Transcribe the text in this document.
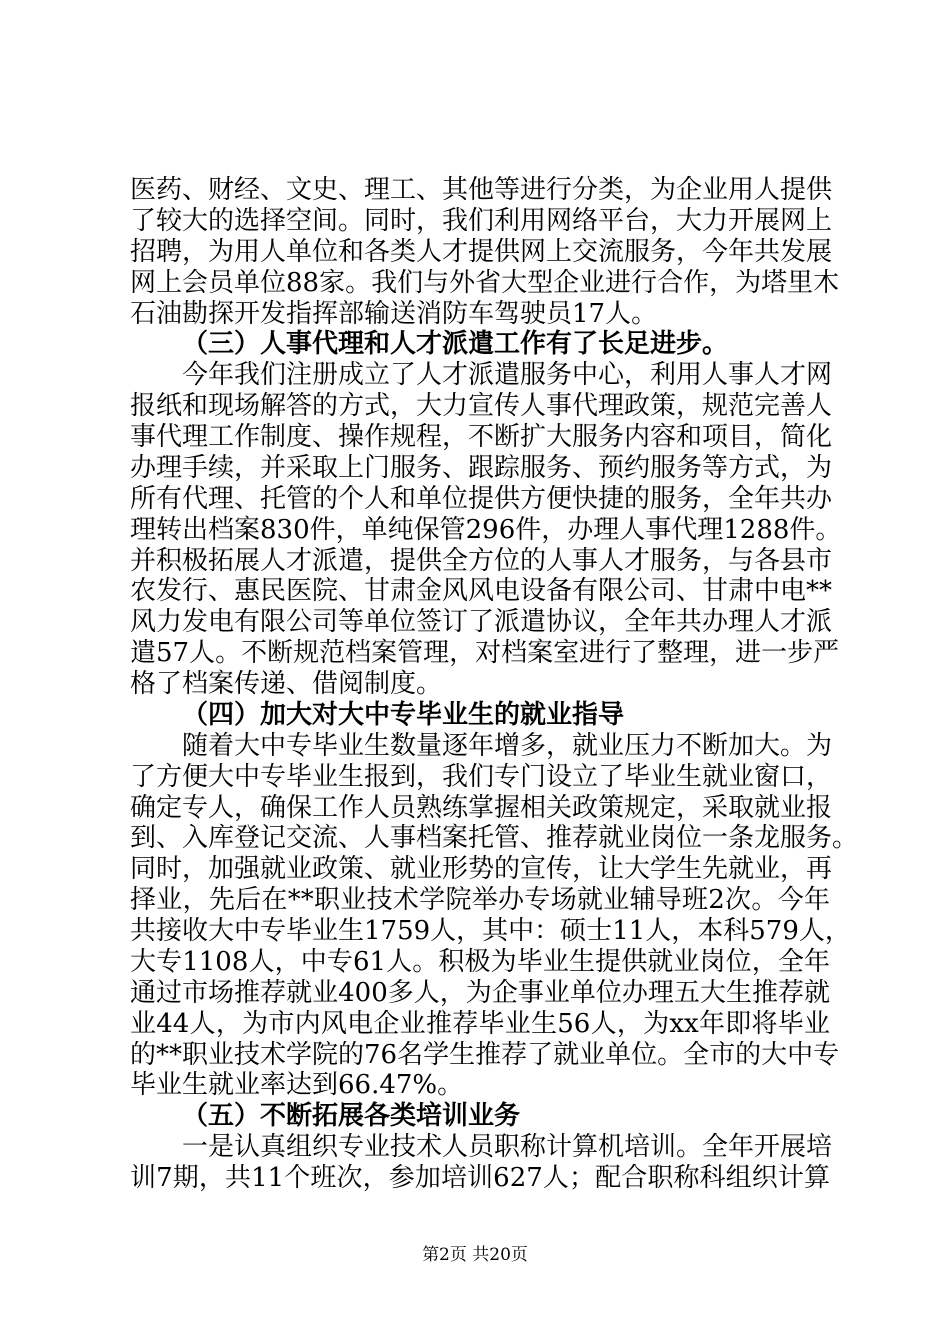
医药、财经、文史、理工、其他等进行分类，为企业用人提供
了较大的选择空间。同时，我们利用网络平台，大力开展网上
招聘，为用人单位和各类人才提供网上交流服务，今年共发展
网上会员单位88家。我们与外省大型企业进行合作，为塔里木
石油勘探开发指挥部输送消防车驾驶员17人。
（三）人事代理和人才派遣工作有了长足进步。
今年我们注册成立了人才派遣服务中心，利用人事人才网
报纸和现场解答的方式，大力宣传人事代理政策，规范完善人
事代理工作制度、操作规程，不断扩大服务内容和项目，简化
办理手续，并采取上门服务、跟踪服务、预约服务等方式，为
所有代理、托管的个人和单位提供方便快捷的服务，全年共办
理转出档案830件，单纯保管296件，办理人事代理1288件。
并积极拓展人才派遣，提供全方位的人事人才服务，与各县市
农发行、惠民医院、甘肃金风风电设备有限公司、甘肃中电**
风力发电有限公司等单位签订了派遣协议，全年共办理人才派
遣57人。不断规范档案管理，对档案室进行了整理，进一步严
格了档案传递、借阅制度。
（四）加大对大中专毕业生的就业指导
随着大中专毕业生数量逐年增多，就业压力不断加大。为
了方便大中专毕业生报到，我们专门设立了毕业生就业窗口，
确定专人，确保工作人员熟练掌握相关政策规定，采取就业报
到、入库登记交流、人事档案托管、推荐就业岗位一条龙服务。
同时，加强就业政策、就业形势的宣传，让大学生先就业，再
择业，先后在**职业技术学院举办专场就业辅导班2次。今年
共接收大中专毕业生1759人，其中：硕士11人，本科579人，
大专1108人，中专61人。积极为毕业生提供就业岗位，全年
通过市场推荐就业400多人，为企事业单位办理五大生推荐就
业44人，为市内风电企业推荐毕业生56人，为xx年即将毕业
的**职业技术学院的76名学生推荐了就业单位。全市的大中专
毕业生就业率达到66.47%。
（五）不断拓展各类培训业务
一是认真组织专业技术人员职称计算机培训。全年开展培
训7期，共11个班次，参加培训627人；配合职称科组织计算
第2页 共20页
